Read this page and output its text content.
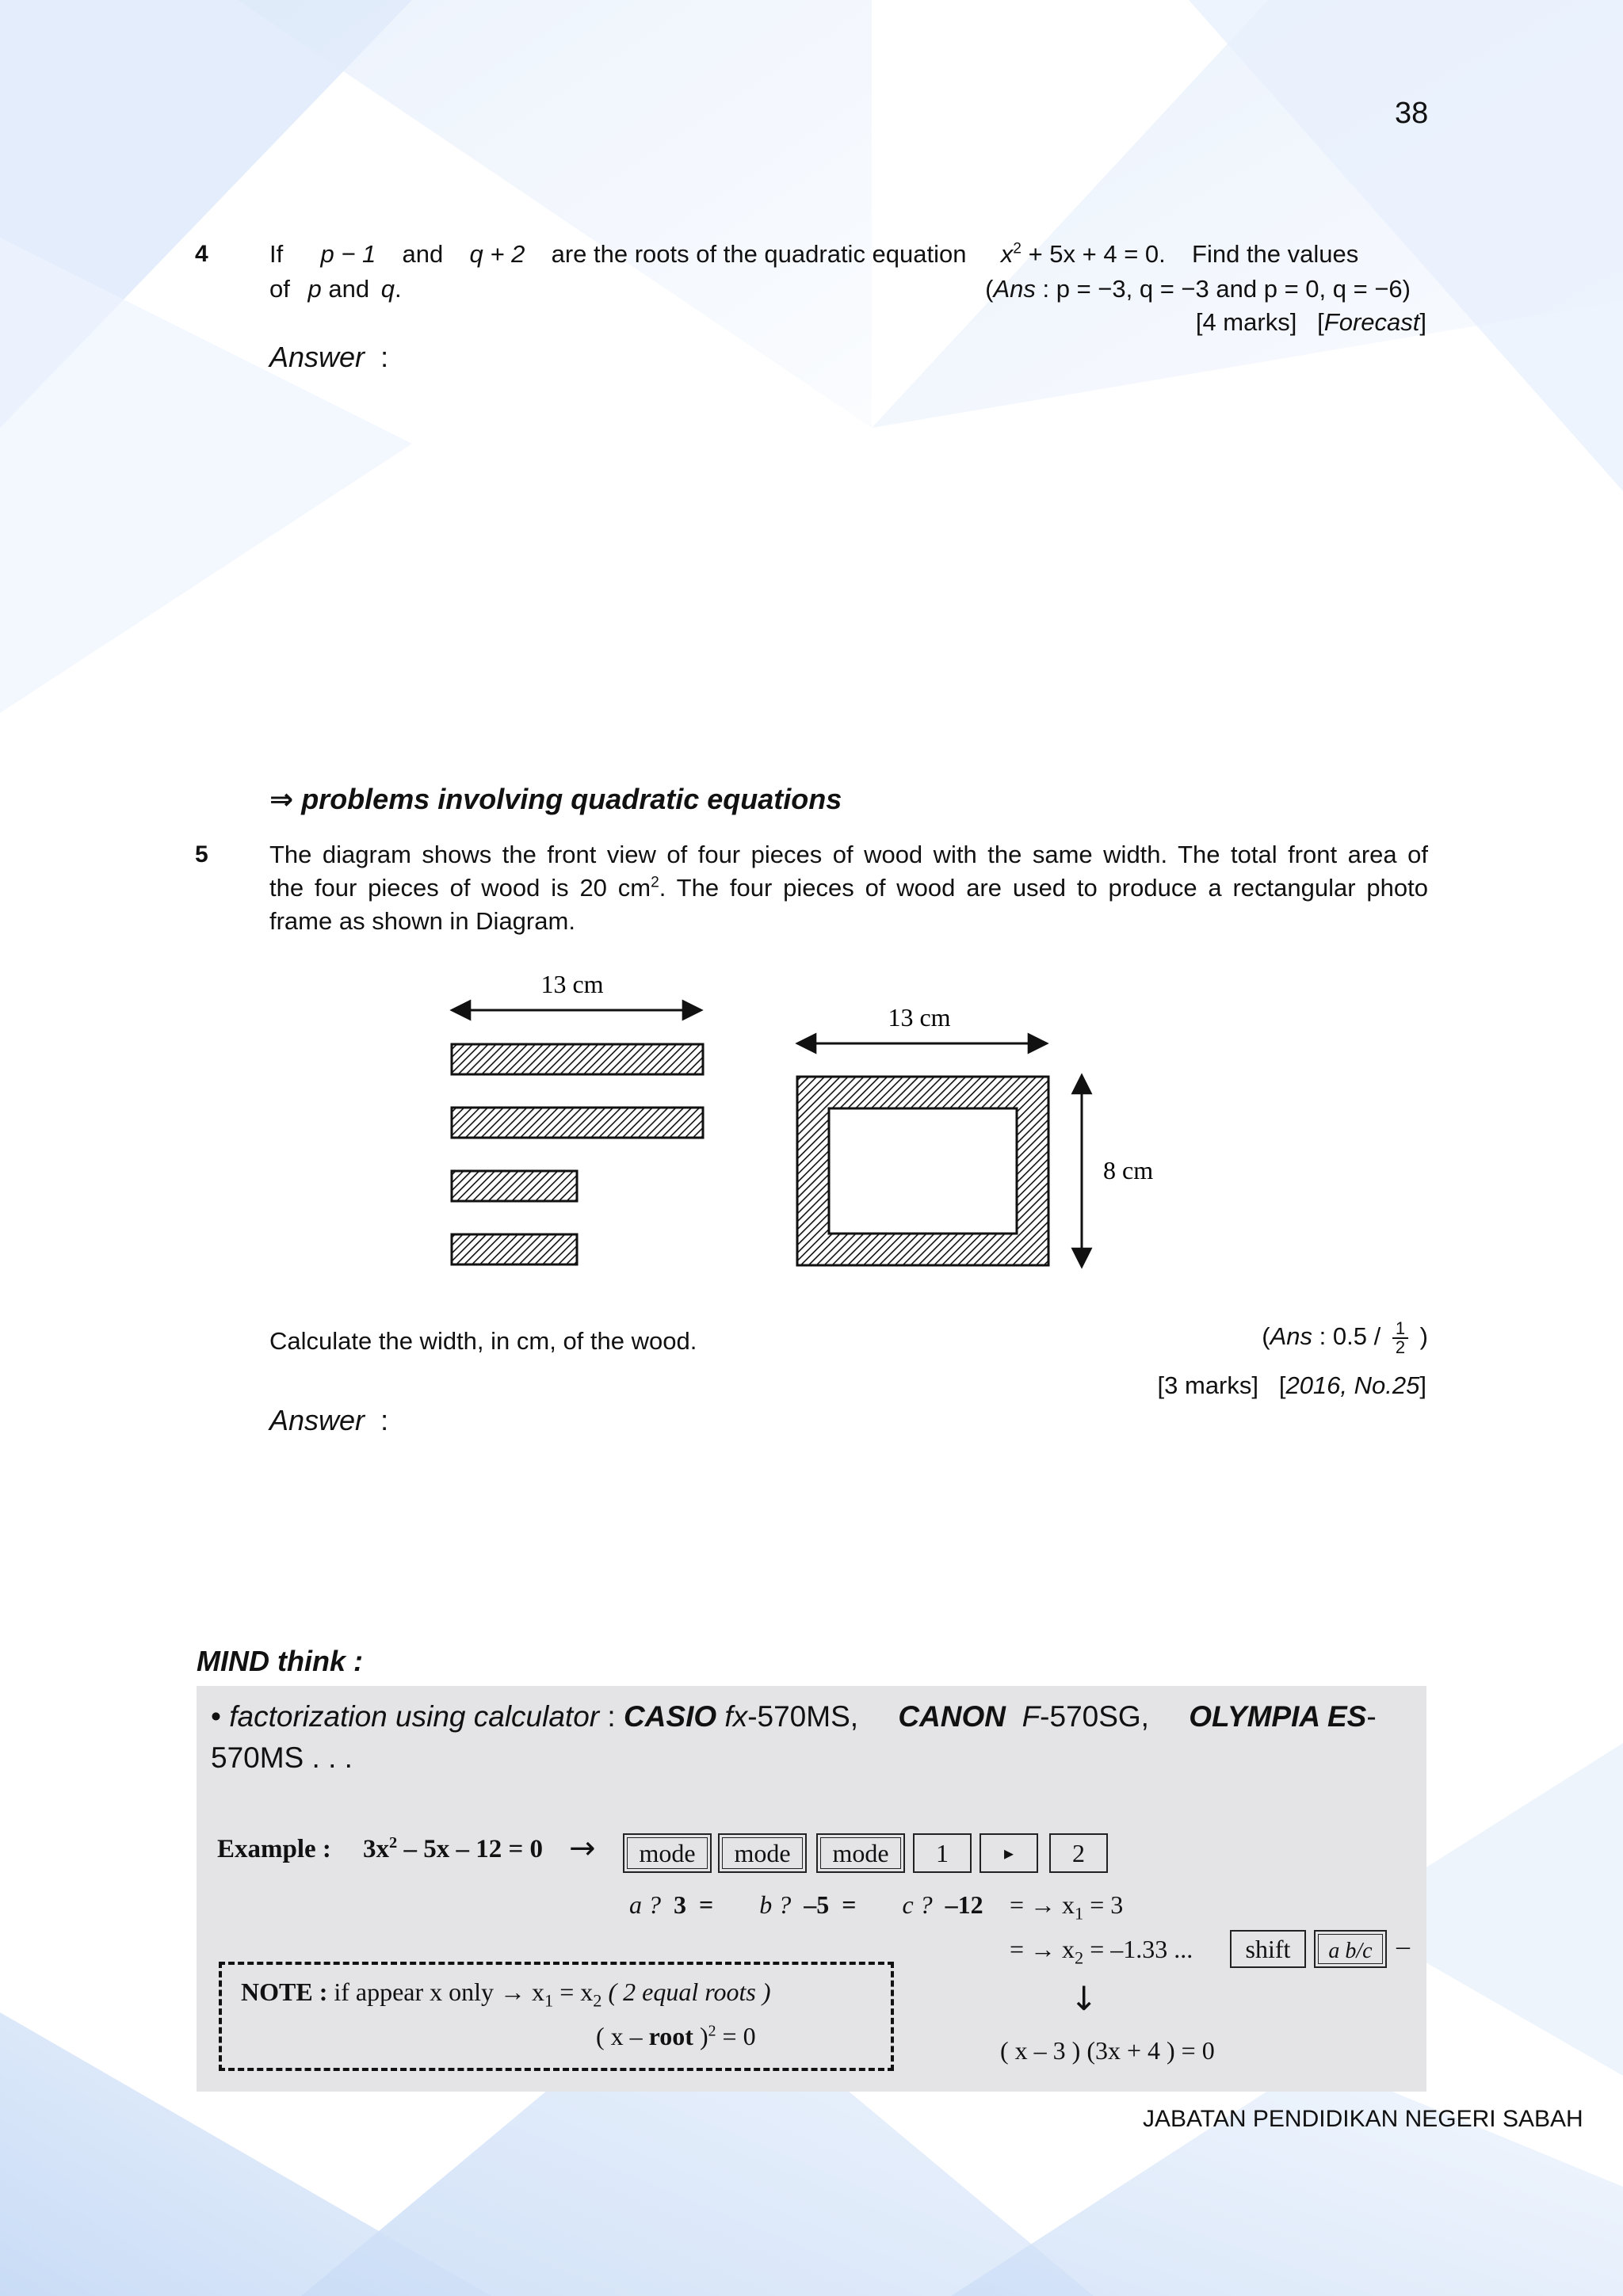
38
4 If p − 1 and q + 2 are the roots of the quadratic equation $x^2 + 5x + 4 = 0$. Find the values
of p and q.	(Ans : p = −3, q = −3 and p = 0, q = −6)
[4 marks]   [Forecast]
Answer :
⇒ problems involving quadratic equations
5 The diagram shows the front view of four pieces of wood with the same width. The total front area of
the four pieces of wood is 20 $cm^2$. The four pieces of wood are used to produce a rectangular photo
frame as shown in Diagram.
13 cm
13 cm
8 cm
Calculate the width, in cm, of the wood.	(Ans : $0.5 / \frac{1}{2}$ )
[3 marks]   [2016, No.25]
Answer :
MIND think :
• factorization using calculator : CASIO fx-570MS, CANON F-570SG, OLYMPIA ES-
570MS . . .
Example : $3x^2 - 5x - 12 = 0$ →	mode	mode	mode	1	▸	2
a ? 3 = b ? –5 = c ? –12 = → $x_1 = 3$
= → $x_2 = -1.33$ ...	shift	a b/c –
↓
( x – 3 ) (3x + 4 ) = 0
NOTE : if appear x only → $x_1 = x_2$ ( 2 equal roots )
( x – root )$^2$ = 0
JABATAN PENDIDIKAN NEGERI SABAH
